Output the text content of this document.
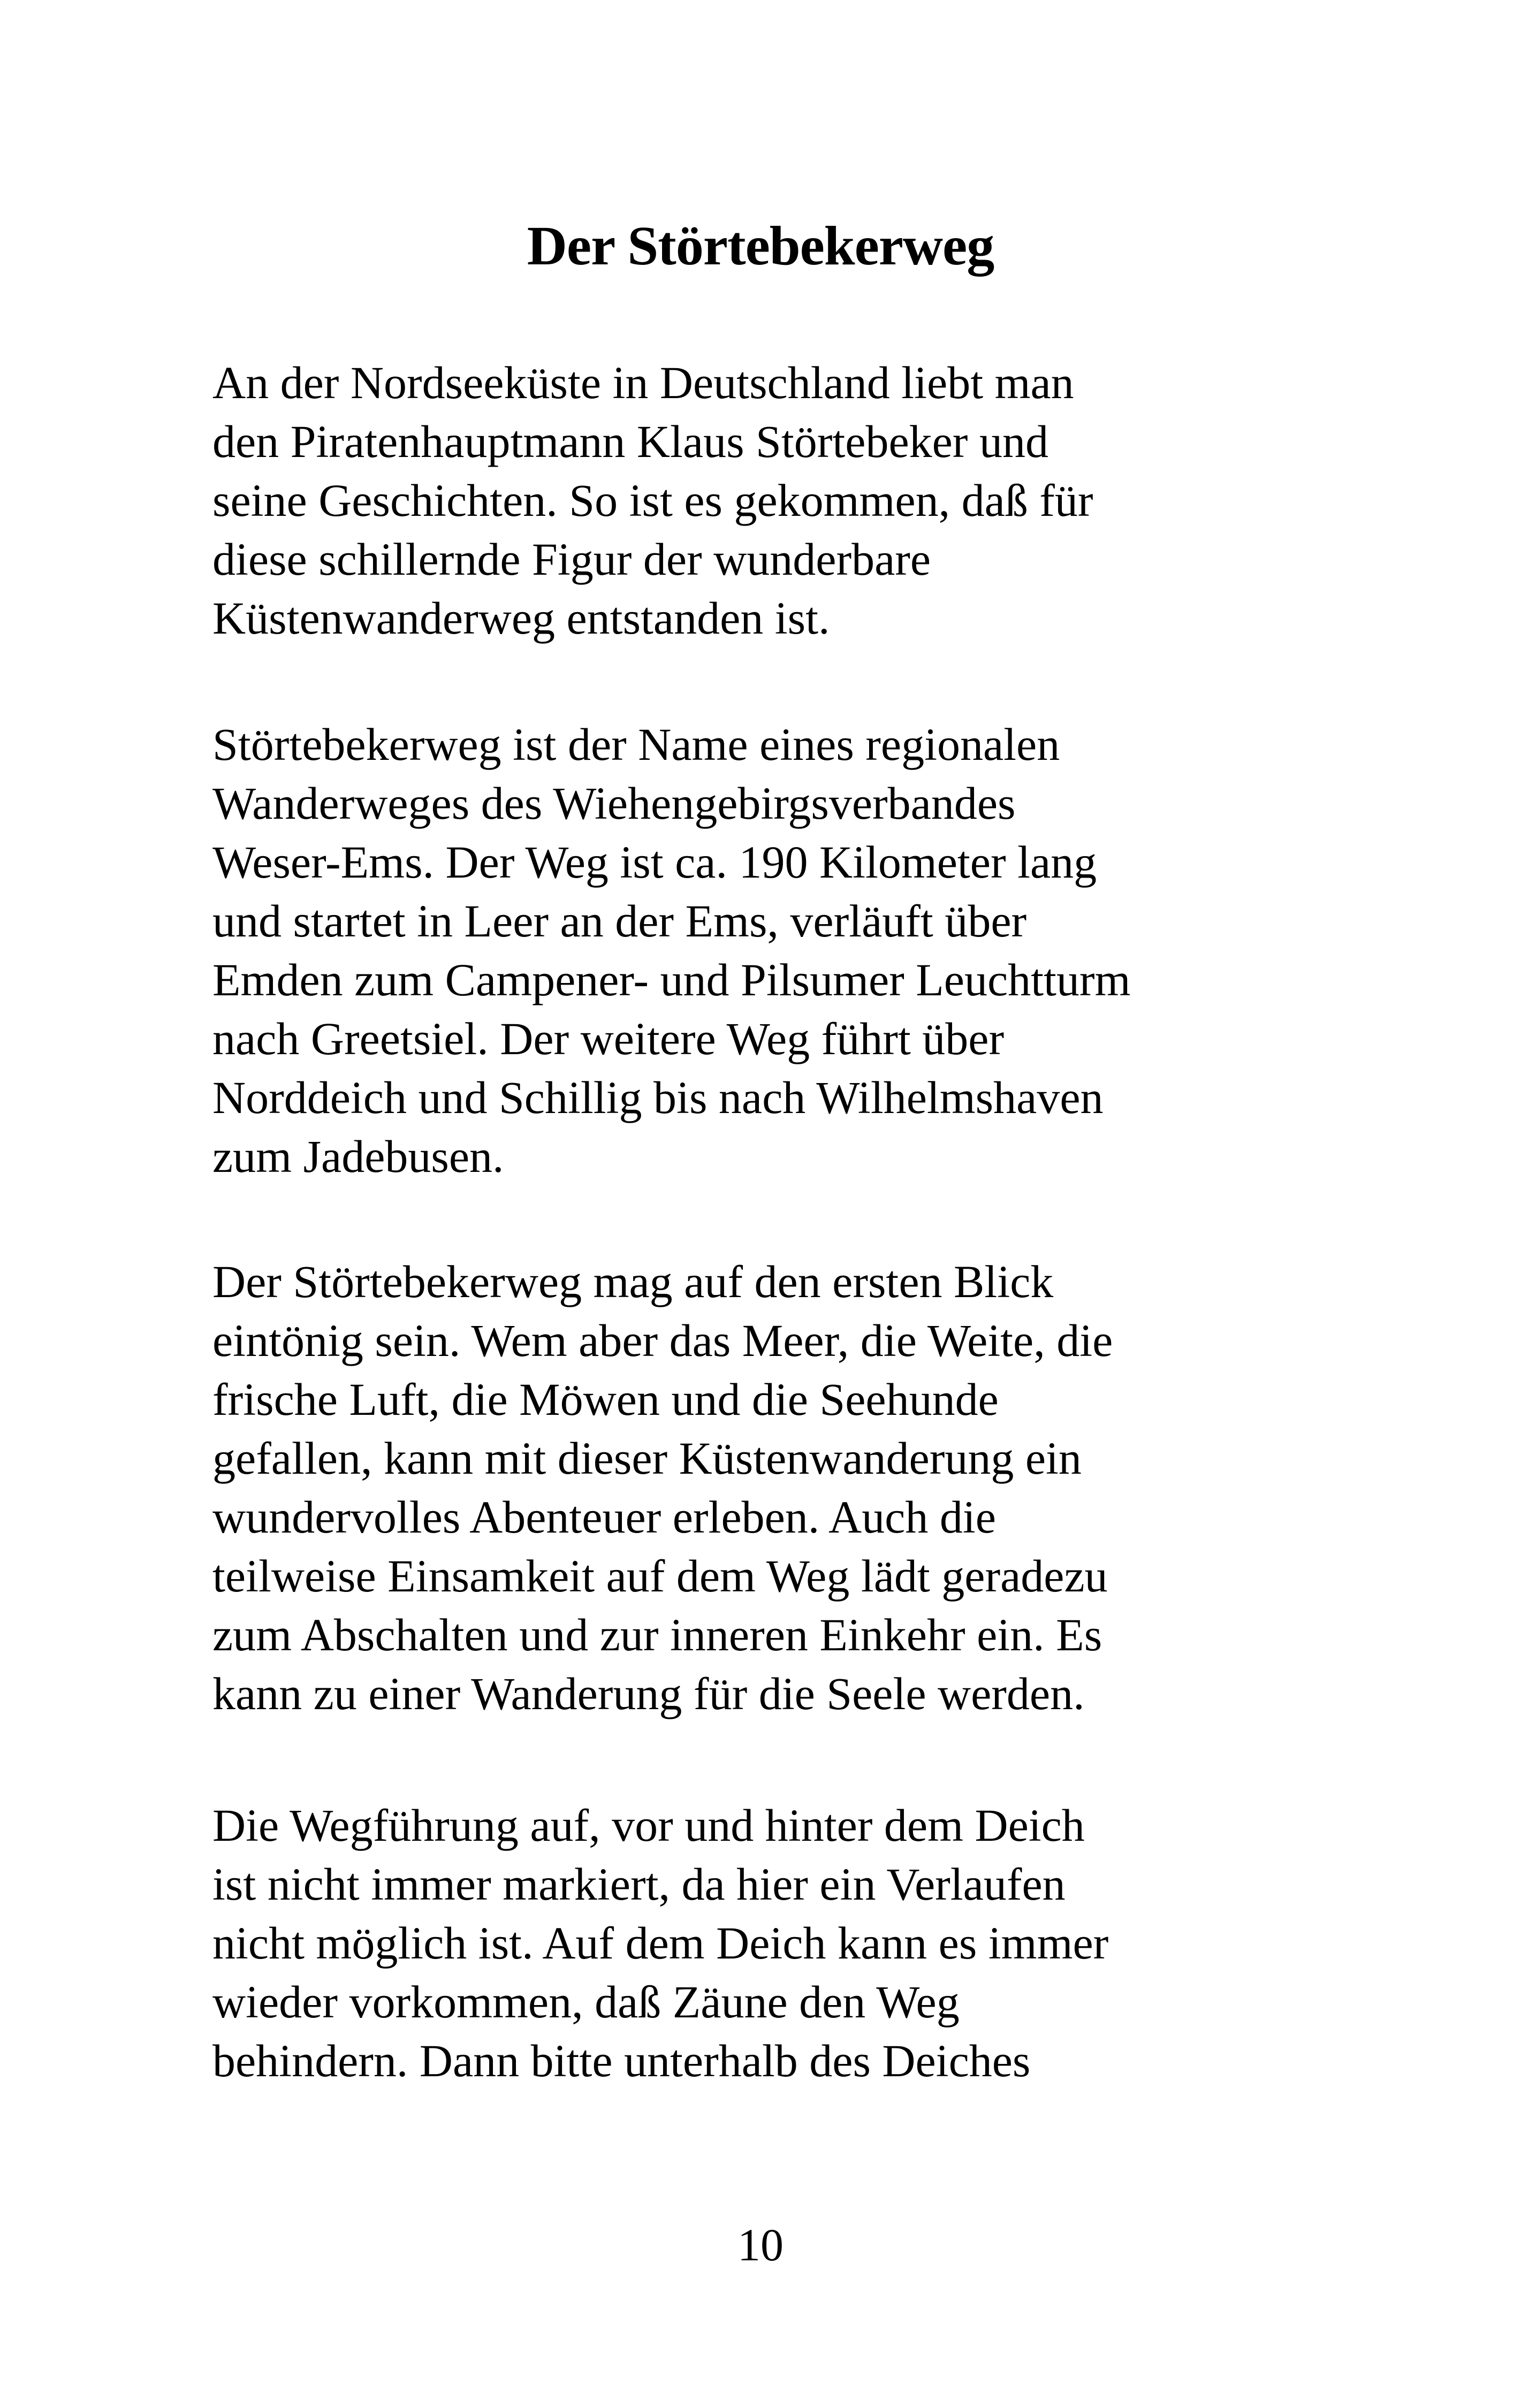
Der Störtebekerweg

An der Nordseeküste in Deutschland liebt man
den Piratenhauptmann Klaus Störtebeker und
seine Geschichten. So ist es gekommen, daß für
diese schillernde Figur der wunderbare
Küstenwanderweg entstanden ist.

Störtebekerweg ist der Name eines regionalen
Wanderweges des Wiehengebirgsverbandes
Weser-Ems. Der Weg ist ca. 190 Kilometer lang
und startet in Leer an der Ems, verläuft über
Emden zum Campener- und Pilsumer Leuchtturm
nach Greetsiel. Der weitere Weg führt über
Norddeich und Schillig bis nach Wilhelmshaven
zum Jadebusen.

Der Störtebekerweg mag auf den ersten Blick
eintönig sein. Wem aber das Meer, die Weite, die
frische Luft, die Möwen und die Seehunde
gefallen, kann mit dieser Küstenwanderung ein
wundervolles Abenteuer erleben. Auch die
teilweise Einsamkeit auf dem Weg lädt geradezu
zum Abschalten und zur inneren Einkehr ein. Es
kann zu einer Wanderung für die Seele werden.

Die Wegführung auf, vor und hinter dem Deich
ist nicht immer markiert, da hier ein Verlaufen
nicht möglich ist. Auf dem Deich kann es immer
wieder vorkommen, daß Zäune den Weg
behindern. Dann bitte unterhalb des Deiches

10
